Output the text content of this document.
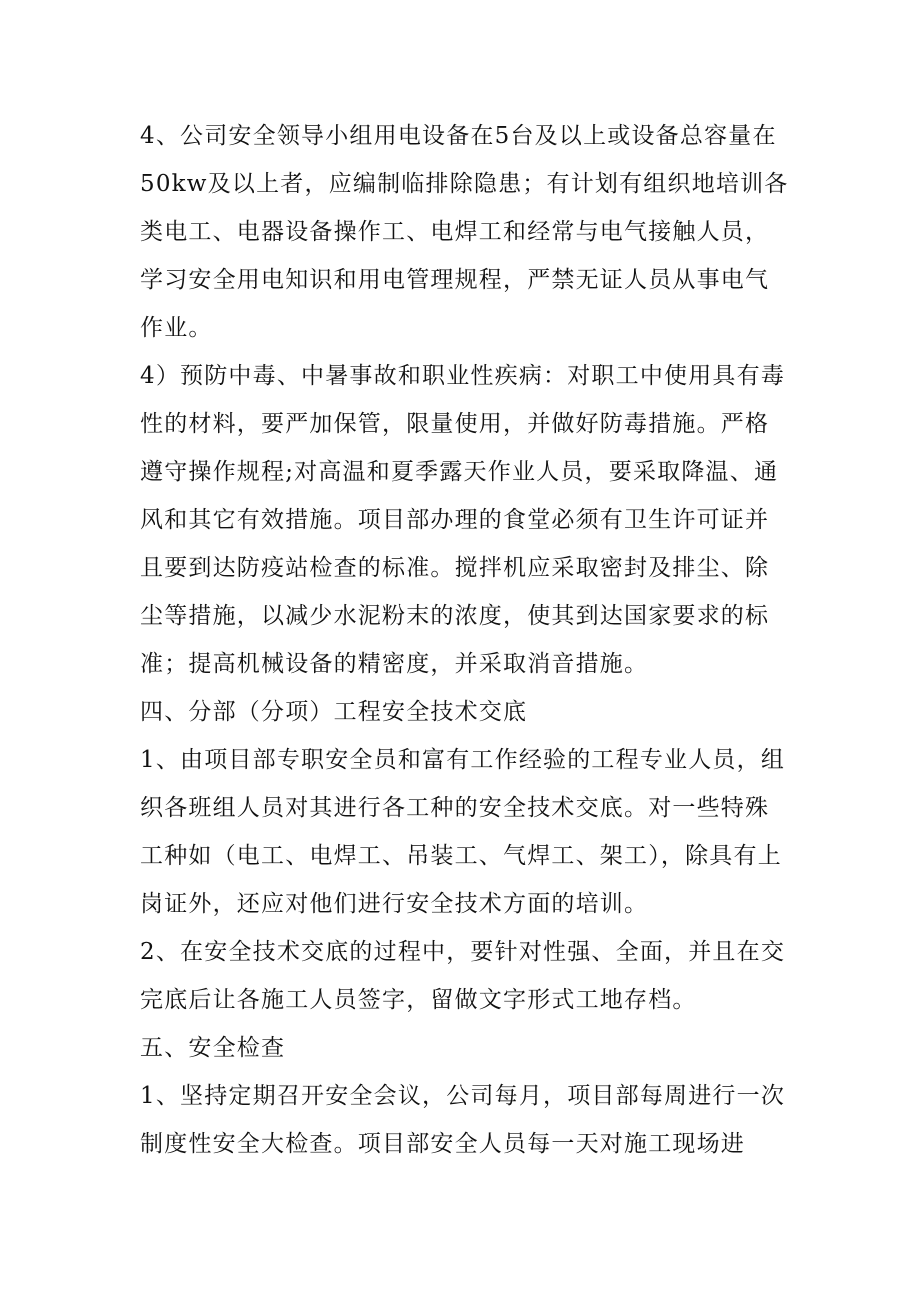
4、公司安全领导小组用电设备在5台及以上或设备总容量在50kw及以上者，应编制临排除隐患；有计划有组织地培训各类电工、电器设备操作工、电焊工和经常与电气接触人员，学习安全用电知识和用电管理规程，严禁无证人员从事电气作业。

4）预防中毒、中暑事故和职业性疾病：对职工中使用具有毒性的材料，要严加保管，限量使用，并做好防毒措施。严格遵守操作规程;对高温和夏季露天作业人员，要采取降温、通风和其它有效措施。项目部办理的食堂必须有卫生许可证并且要到达防疫站检查的标准。搅拌机应采取密封及排尘、除尘等措施，以减少水泥粉末的浓度，使其到达国家要求的标准；提高机械设备的精密度，并采取消音措施。

四、分部（分项）工程安全技术交底

1、由项目部专职安全员和富有工作经验的工程专业人员，组织各班组人员对其进行各工种的安全技术交底。对一些特殊工种如（电工、电焊工、吊装工、气焊工、架工），除具有上岗证外，还应对他们进行安全技术方面的培训。

2、在安全技术交底的过程中，要针对性强、全面，并且在交完底后让各施工人员签字，留做文字形式工地存档。

五、安全检查

1、坚持定期召开安全会议，公司每月，项目部每周进行一次制度性安全大检查。项目部安全人员每一天对施工现场进
